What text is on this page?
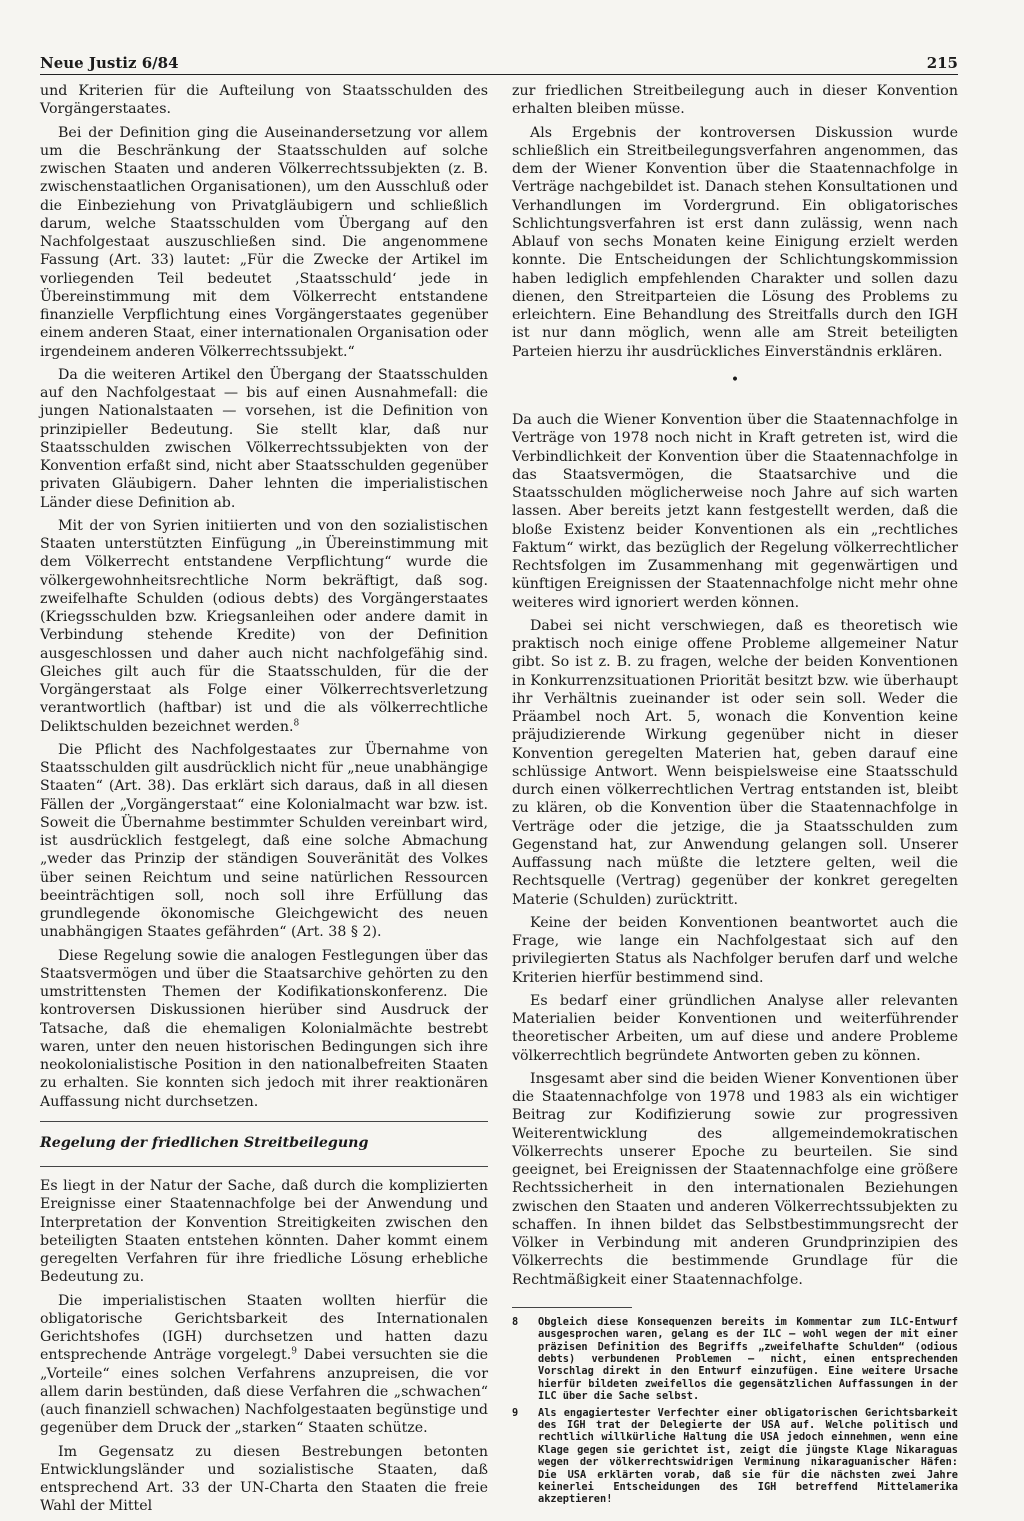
Neue Justiz 6/84	215

und Kriterien für die Aufteilung von Staatsschulden des Vorgängerstaates.

Bei der Definition ging die Auseinandersetzung vor allem um die Beschränkung der Staatsschulden auf solche zwischen Staaten und anderen Völkerrechtssubjekten (z. B. zwischenstaatlichen Organisationen), um den Ausschluß oder die Einbeziehung von Privatgläubigern und schließlich darum, welche Staatsschulden vom Übergang auf den Nachfolgestaat auszuschließen sind. Die angenommene Fassung (Art. 33) lautet: „Für die Zwecke der Artikel im vorliegenden Teil bedeutet ‚Staatsschuld‘ jede in Übereinstimmung mit dem Völkerrecht entstandene finanzielle Verpflichtung eines Vorgängerstaates gegenüber einem anderen Staat, einer internationalen Organisation oder irgendeinem anderen Völkerrechtssubjekt.“

Da die weiteren Artikel den Übergang der Staatsschulden auf den Nachfolgestaat — bis auf einen Ausnahmefall: die jungen Nationalstaaten — vorsehen, ist die Definition von prinzipieller Bedeutung. Sie stellt klar, daß nur Staatsschulden zwischen Völkerrechtssubjekten von der Konvention erfaßt sind, nicht aber Staatsschulden gegenüber privaten Gläubigern. Daher lehnten die imperialistischen Länder diese Definition ab.

Mit der von Syrien initiierten und von den sozialistischen Staaten unterstützten Einfügung „in Übereinstimmung mit dem Völkerrecht entstandene Verpflichtung“ wurde die völkergewohnheitsrechtliche Norm bekräftigt, daß sog. zweifelhafte Schulden (odious debts) des Vorgängerstaates (Kriegsschulden bzw. Kriegsanleihen oder andere damit in Verbindung stehende Kredite) von der Definition ausgeschlossen und daher auch nicht nachfolgefähig sind. Gleiches gilt auch für die Staatsschulden, für die der Vorgängerstaat als Folge einer Völkerrechtsverletzung verantwortlich (haftbar) ist und die als völkerrechtliche Deliktschulden bezeichnet werden.$^8$

Die Pflicht des Nachfolgestaates zur Übernahme von Staatsschulden gilt ausdrücklich nicht für „neue unabhängige Staaten“ (Art. 38). Das erklärt sich daraus, daß in all diesen Fällen der „Vorgängerstaat“ eine Kolonialmacht war bzw. ist. Soweit die Übernahme bestimmter Schulden vereinbart wird, ist ausdrücklich festgelegt, daß eine solche Abmachung „weder das Prinzip der ständigen Souveränität des Volkes über seinen Reichtum und seine natürlichen Ressourcen beeinträchtigen soll, noch soll ihre Erfüllung das grundlegende ökonomische Gleichgewicht des neuen unabhängigen Staates gefährden“ (Art. 38 § 2).

Diese Regelung sowie die analogen Festlegungen über das Staatsvermögen und über die Staatsarchive gehörten zu den umstrittensten Themen der Kodifikationskonferenz. Die kontroversen Diskussionen hierüber sind Ausdruck der Tatsache, daß die ehemaligen Kolonialmächte bestrebt waren, unter den neuen historischen Bedingungen sich ihre neokolonialistische Position in den nationalbefreiten Staaten zu erhalten. Sie konnten sich jedoch mit ihrer reaktionären Auffassung nicht durchsetzen.

Regelung der friedlichen Streitbeilegung

Es liegt in der Natur der Sache, daß durch die komplizierten Ereignisse einer Staatennachfolge bei der Anwendung und Interpretation der Konvention Streitigkeiten zwischen den beteiligten Staaten entstehen könnten. Daher kommt einem geregelten Verfahren für ihre friedliche Lösung erhebliche Bedeutung zu.

Die imperialistischen Staaten wollten hierfür die obligatorische Gerichtsbarkeit des Internationalen Gerichtshofes (IGH) durchsetzen und hatten dazu entsprechende Anträge vorgelegt.$^9$ Dabei versuchten sie die „Vorteile“ eines solchen Verfahrens anzupreisen, die vor allem darin bestünden, daß diese Verfahren die „schwachen“ (auch finanziell schwachen) Nachfolgestaaten begünstige und gegenüber dem Druck der „starken“ Staaten schütze.

Im Gegensatz zu diesen Bestrebungen betonten Entwicklungsländer und sozialistische Staaten, daß entsprechend Art. 33 der UN-Charta den Staaten die freie Wahl der Mittel

zur friedlichen Streitbeilegung auch in dieser Konvention erhalten bleiben müsse.

Als Ergebnis der kontroversen Diskussion wurde schließlich ein Streitbeilegungsverfahren angenommen, das dem der Wiener Konvention über die Staatennachfolge in Verträge nachgebildet ist. Danach stehen Konsultationen und Verhandlungen im Vordergrund. Ein obligatorisches Schlichtungsverfahren ist erst dann zulässig, wenn nach Ablauf von sechs Monaten keine Einigung erzielt werden konnte. Die Entscheidungen der Schlichtungskommission haben lediglich empfehlenden Charakter und sollen dazu dienen, den Streitparteien die Lösung des Problems zu erleichtern. Eine Behandlung des Streitfalls durch den IGH ist nur dann möglich, wenn alle am Streit beteiligten Parteien hierzu ihr ausdrückliches Einverständnis erklären.

•

Da auch die Wiener Konvention über die Staatennachfolge in Verträge von 1978 noch nicht in Kraft getreten ist, wird die Verbindlichkeit der Konvention über die Staatennachfolge in das Staatsvermögen, die Staatsarchive und die Staatsschulden möglicherweise noch Jahre auf sich warten lassen. Aber bereits jetzt kann festgestellt werden, daß die bloße Existenz beider Konventionen als ein „rechtliches Faktum“ wirkt, das bezüglich der Regelung völkerrechtlicher Rechtsfolgen im Zusammenhang mit gegenwärtigen und künftigen Ereignissen der Staatennachfolge nicht mehr ohne weiteres wird ignoriert werden können.

Dabei sei nicht verschwiegen, daß es theoretisch wie praktisch noch einige offene Probleme allgemeiner Natur gibt. So ist z. B. zu fragen, welche der beiden Konventionen in Konkurrenzsituationen Priorität besitzt bzw. wie überhaupt ihr Verhältnis zueinander ist oder sein soll. Weder die Präambel noch Art. 5, wonach die Konvention keine präjudizierende Wirkung gegenüber nicht in dieser Konvention geregelten Materien hat, geben darauf eine schlüssige Antwort. Wenn beispielsweise eine Staatsschuld durch einen völkerrechtlichen Vertrag entstanden ist, bleibt zu klären, ob die Konvention über die Staatennachfolge in Verträge oder die jetzige, die ja Staatsschulden zum Gegenstand hat, zur Anwendung gelangen soll. Unserer Auffassung nach müßte die letztere gelten, weil die Rechtsquelle (Vertrag) gegenüber der konkret geregelten Materie (Schulden) zurücktritt.

Keine der beiden Konventionen beantwortet auch die Frage, wie lange ein Nachfolgestaat sich auf den privilegierten Status als Nachfolger berufen darf und welche Kriterien hierfür bestimmend sind.

Es bedarf einer gründlichen Analyse aller relevanten Materialien beider Konventionen und weiterführender theoretischer Arbeiten, um auf diese und andere Probleme völkerrechtlich begründete Antworten geben zu können.

Insgesamt aber sind die beiden Wiener Konventionen über die Staatennachfolge von 1978 und 1983 als ein wichtiger Beitrag zur Kodifizierung sowie zur progressiven Weiterentwicklung des allgemeindemokratischen Völkerrechts unserer Epoche zu beurteilen. Sie sind geeignet, bei Ereignissen der Staatennachfolge eine größere Rechtssicherheit in den internationalen Beziehungen zwischen den Staaten und anderen Völkerrechtssubjekten zu schaffen. In ihnen bildet das Selbstbestimmungsrecht der Völker in Verbindung mit anderen Grundprinzipien des Völkerrechts die bestimmende Grundlage für die Rechtmäßigkeit einer Staatennachfolge.

8	Obgleich diese Konsequenzen bereits im Kommentar zum ILC-Entwurf ausgesprochen waren, gelang es der ILC — wohl wegen der mit einer präzisen Definition des Begriffs „zweifelhafte Schulden“ (odious debts) verbundenen Problemen — nicht, einen entsprechenden Vorschlag direkt in den Entwurf einzufügen. Eine weitere Ursache hierfür bildeten zweifellos die gegensätzlichen Auffassungen in der ILC über die Sache selbst.
9	Als engagiertester Verfechter einer obligatorischen Gerichtsbarkeit des IGH trat der Delegierte der USA auf. Welche politisch und rechtlich willkürliche Haltung die USA jedoch einnehmen, wenn eine Klage gegen sie gerichtet ist, zeigt die jüngste Klage Nikaraguas wegen der völkerrechtswidrigen Verminung nikaraguanischer Häfen: Die USA erklärten vorab, daß sie für die nächsten zwei Jahre keinerlei Entscheidungen des IGH betreffend Mittelamerika akzeptieren!
